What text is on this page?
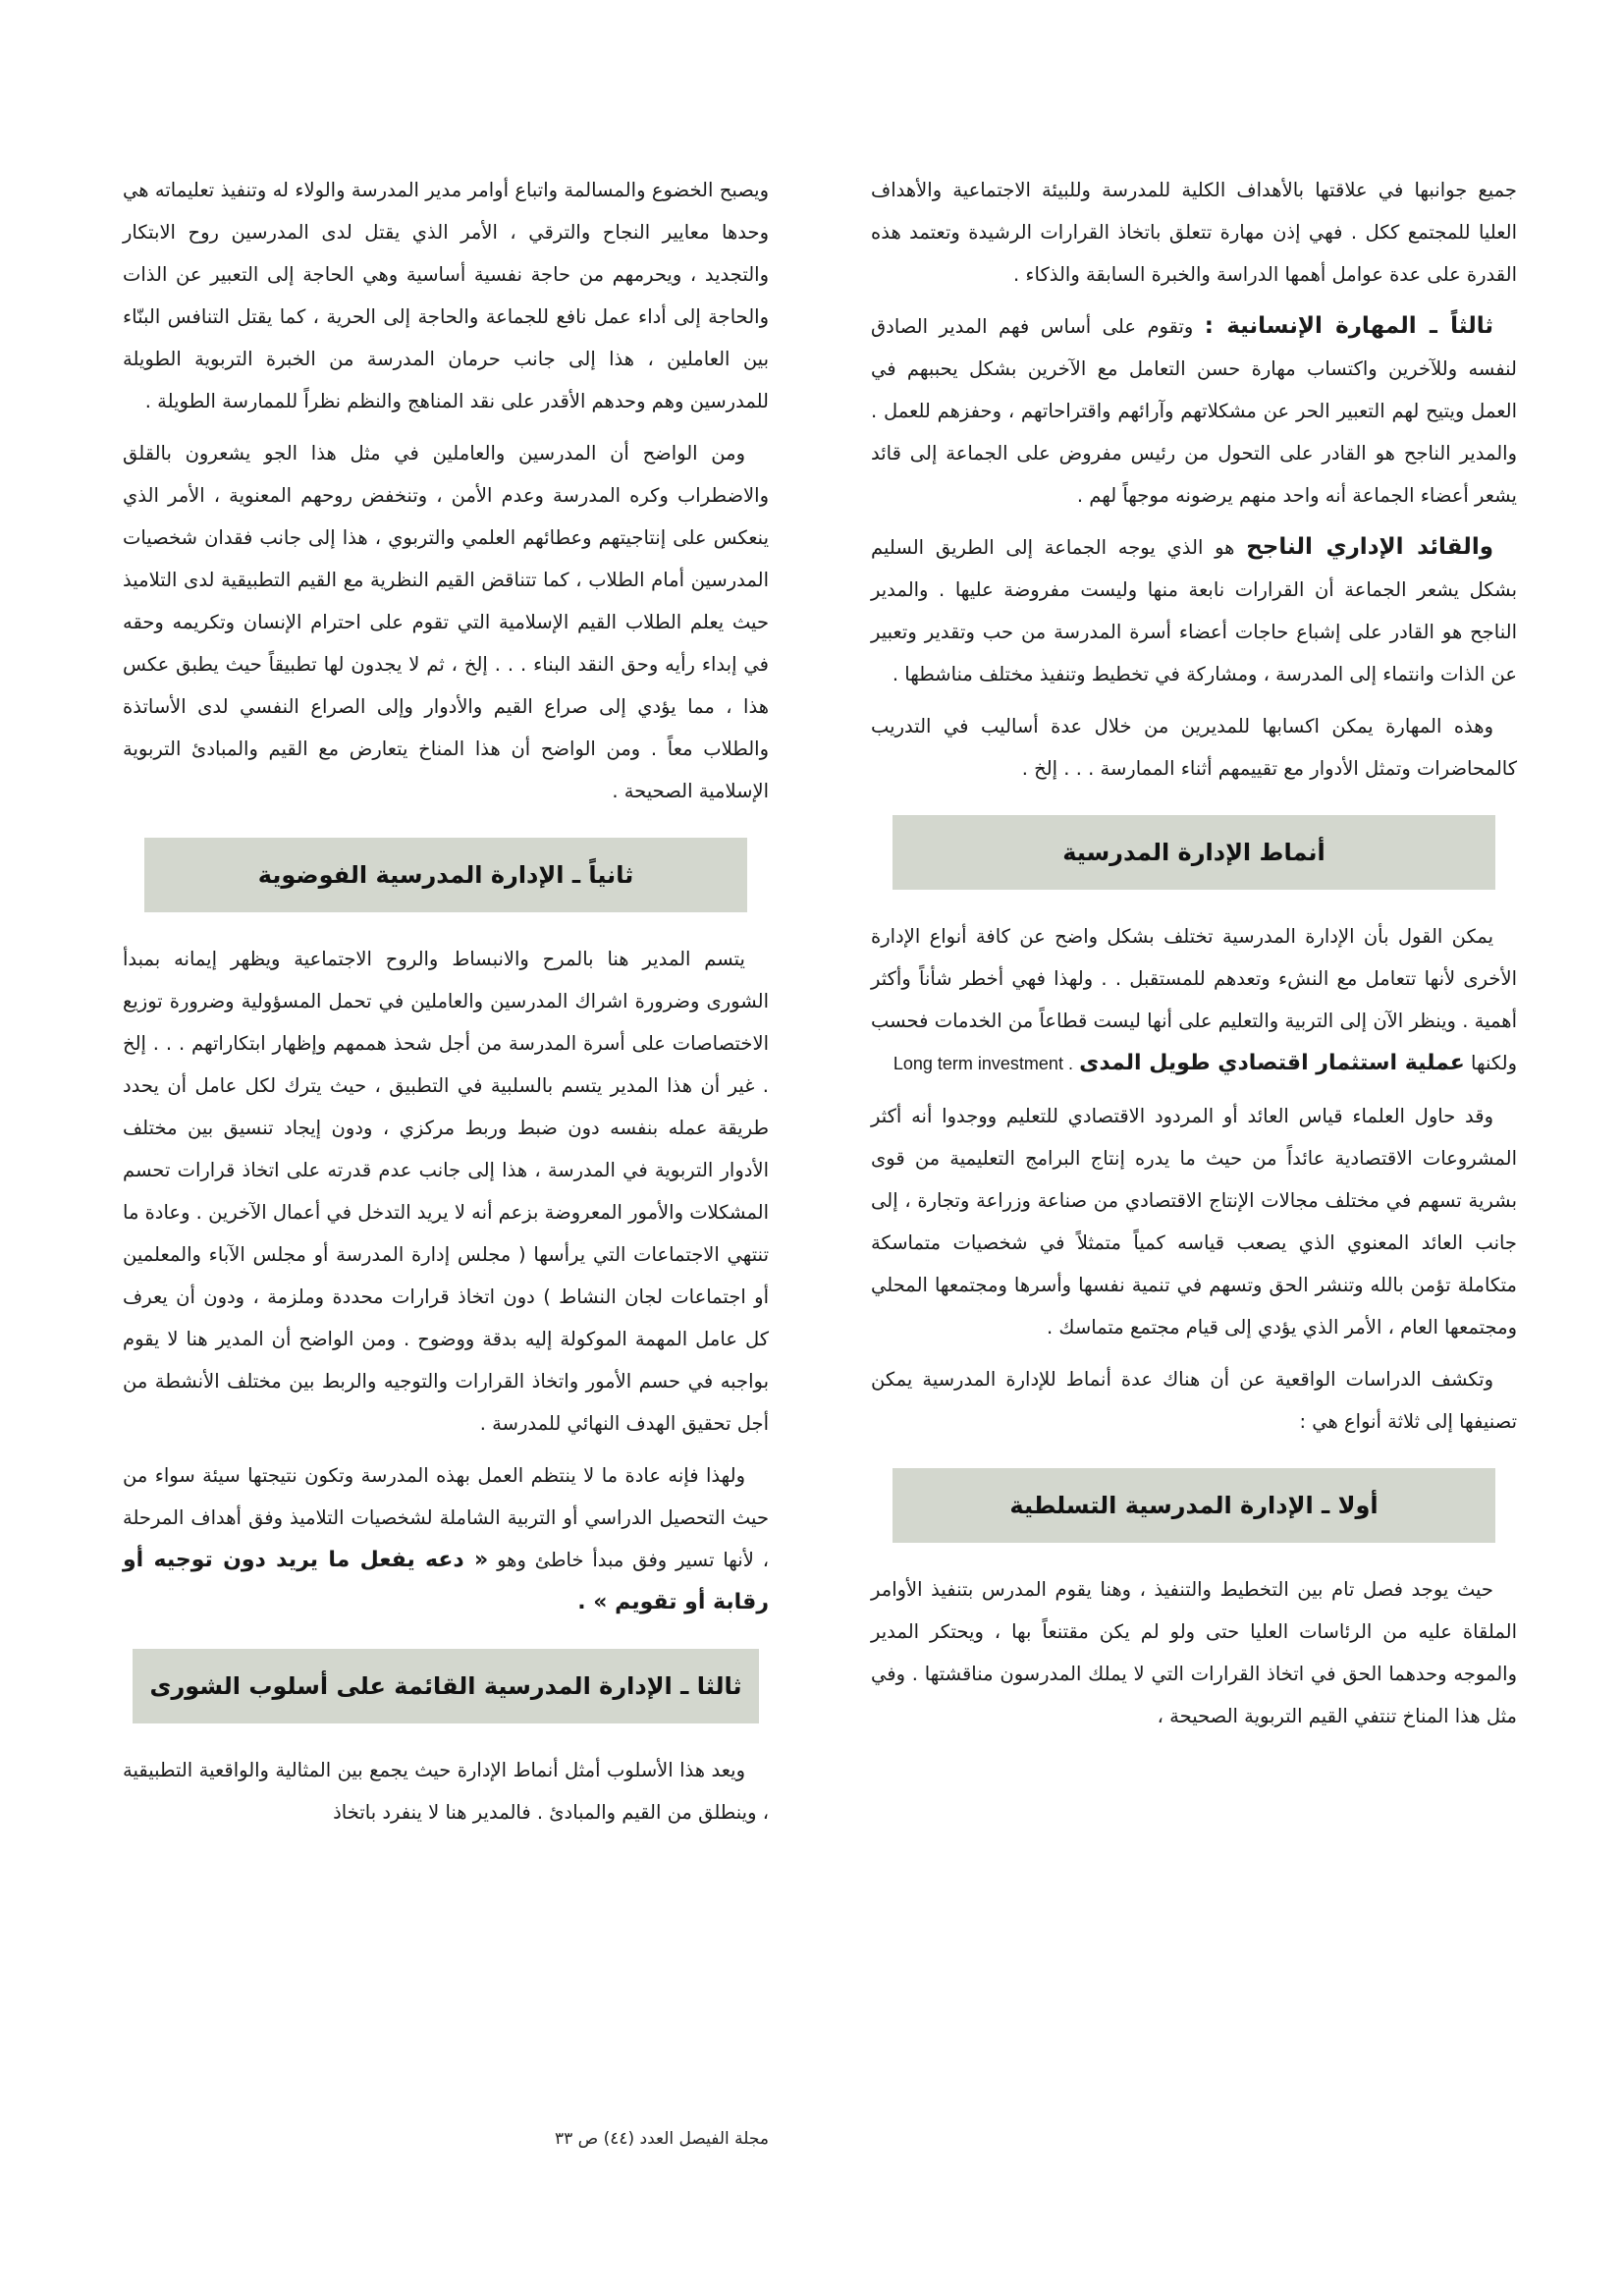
جميع جوانبها في علاقتها بالأهداف الكلية للمدرسة وللبيئة الاجتماعية والأهداف العليا للمجتمع ككل . فهي إذن مهارة تتعلق باتخاذ القرارات الرشيدة وتعتمد هذه القدرة على عدة عوامل أهمها الدراسة والخبرة السابقة والذكاء .

ثالثاً ـ المهارة الإنسانية : وتقوم على أساس فهم المدير الصادق لنفسه وللآخرين واكتساب مهارة حسن التعامل مع الآخرين بشكل يحببهم في العمل ويتيح لهم التعبير الحر عن مشكلاتهم وآرائهم واقتراحاتهم ، وحفزهم للعمل . والمدير الناجح هو القادر على التحول من رئيس مفروض على الجماعة إلى قائد يشعر أعضاء الجماعة أنه واحد منهم يرضونه موجهاً لهم .

والقائد الإداري الناجح هو الذي يوجه الجماعة إلى الطريق السليم بشكل يشعر الجماعة أن القرارات نابعة منها وليست مفروضة عليها . والمدير الناجح هو القادر على إشباع حاجات أعضاء أسرة المدرسة من حب وتقدير وتعبير عن الذات وانتماء إلى المدرسة ، ومشاركة في تخطيط وتنفيذ مختلف مناشطها .

وهذه المهارة يمكن اكسابها للمديرين من خلال عدة أساليب في التدريب كالمحاضرات وتمثل الأدوار مع تقييمهم أثناء الممارسة . . . إلخ .

أنماط الإدارة المدرسية

يمكن القول بأن الإدارة المدرسية تختلف بشكل واضح عن كافة أنواع الإدارة الأخرى لأنها تتعامل مع النشء وتعدهم للمستقبل . . ولهذا فهي أخطر شأناً وأكثر أهمية . وينظر الآن إلى التربية والتعليم على أنها ليست قطاعاً من الخدمات فحسب ولكنها عملية استثمار اقتصادي طويل المدى Long term investment .

وقد حاول العلماء قياس العائد أو المردود الاقتصادي للتعليم ووجدوا أنه أكثر المشروعات الاقتصادية عائداً من حيث ما يدره إنتاج البرامج التعليمية من قوى بشرية تسهم في مختلف مجالات الإنتاج الاقتصادي من صناعة وزراعة وتجارة ، إلى جانب العائد المعنوي الذي يصعب قياسه كمياً متمثلاً في شخصيات متماسكة متكاملة تؤمن بالله وتنشر الحق وتسهم في تنمية نفسها وأسرها ومجتمعها المحلي ومجتمعها العام ، الأمر الذي يؤدي إلى قيام مجتمع متماسك .

وتكشف الدراسات الواقعية عن أن هناك عدة أنماط للإدارة المدرسية يمكن تصنيفها إلى ثلاثة أنواع هي :

أولا ـ الإدارة المدرسية التسلطية

حيث يوجد فصل تام بين التخطيط والتنفيذ ، وهنا يقوم المدرس بتنفيذ الأوامر الملقاة عليه من الرئاسات العليا حتى ولو لم يكن مقتنعاً بها ، ويحتكر المدير والموجه وحدهما الحق في اتخاذ القرارات التي لا يملك المدرسون مناقشتها . وفي مثل هذا المناخ تنتفي القيم التربوية الصحيحة ،

ويصبح الخضوع والمسالمة واتباع أوامر مدير المدرسة والولاء له وتنفيذ تعليماته هي وحدها معايير النجاح والترقي ، الأمر الذي يقتل لدى المدرسين روح الابتكار والتجديد ، ويحرمهم من حاجة نفسية أساسية وهي الحاجة إلى التعبير عن الذات والحاجة إلى أداء عمل نافع للجماعة والحاجة إلى الحرية ، كما يقتل التنافس البنّاء بين العاملين ، هذا إلى جانب حرمان المدرسة من الخبرة التربوية الطويلة للمدرسين وهم وحدهم الأقدر على نقد المناهج والنظم نظراً للممارسة الطويلة .

ومن الواضح أن المدرسين والعاملين في مثل هذا الجو يشعرون بالقلق والاضطراب وكره المدرسة وعدم الأمن ، وتنخفض روحهم المعنوية ، الأمر الذي ينعكس على إنتاجيتهم وعطائهم العلمي والتربوي ، هذا إلى جانب فقدان شخصيات المدرسين أمام الطلاب ، كما تتناقض القيم النظرية مع القيم التطبيقية لدى التلاميذ حيث يعلم الطلاب القيم الإسلامية التي تقوم على احترام الإنسان وتكريمه وحقه في إبداء رأيه وحق النقد البناء . . . إلخ ، ثم لا يجدون لها تطبيقاً حيث يطبق عكس هذا ، مما يؤدي إلى صراع القيم والأدوار وإلى الصراع النفسي لدى الأساتذة والطلاب معاً . ومن الواضح أن هذا المناخ يتعارض مع القيم والمبادئ التربوية الإسلامية الصحيحة .

ثانياً ـ الإدارة المدرسية الفوضوية

يتسم المدير هنا بالمرح والانبساط والروح الاجتماعية ويظهر إيمانه بمبدأ الشورى وضرورة اشراك المدرسين والعاملين في تحمل المسؤولية وضرورة توزيع الاختصاصات على أسرة المدرسة من أجل شحذ هممهم وإظهار ابتكاراتهم . . . إلخ . غير أن هذا المدير يتسم بالسلبية في التطبيق ، حيث يترك لكل عامل أن يحدد طريقة عمله بنفسه دون ضبط وربط مركزي ، ودون إيجاد تنسيق بين مختلف الأدوار التربوية في المدرسة ، هذا إلى جانب عدم قدرته على اتخاذ قرارات تحسم المشكلات والأمور المعروضة بزعم أنه لا يريد التدخل في أعمال الآخرين . وعادة ما تنتهي الاجتماعات التي يرأسها ( مجلس إدارة المدرسة أو مجلس الآباء والمعلمين أو اجتماعات لجان النشاط ) دون اتخاذ قرارات محددة وملزمة ، ودون أن يعرف كل عامل المهمة الموكولة إليه بدقة ووضوح . ومن الواضح أن المدير هنا لا يقوم بواجبه في حسم الأمور واتخاذ القرارات والتوجيه والربط بين مختلف الأنشطة من أجل تحقيق الهدف النهائي للمدرسة .

ولهذا فإنه عادة ما لا ينتظم العمل بهذه المدرسة وتكون نتيجتها سيئة سواء من حيث التحصيل الدراسي أو التربية الشاملة لشخصيات التلاميذ وفق أهداف المرحلة ، لأنها تسير وفق مبدأ خاطئ وهو « دعه يفعل ما يريد دون توجيه أو رقابة أو تقويم » .

ثالثا ـ الإدارة المدرسية القائمة على أسلوب الشورى

ويعد هذا الأسلوب أمثل أنماط الإدارة حيث يجمع بين المثالية والواقعية التطبيقية ، وينطلق من القيم والمبادئ . فالمدير هنا لا ينفرد باتخاذ

مجلة الفيصل العدد (٤٤) ص ٣٣
